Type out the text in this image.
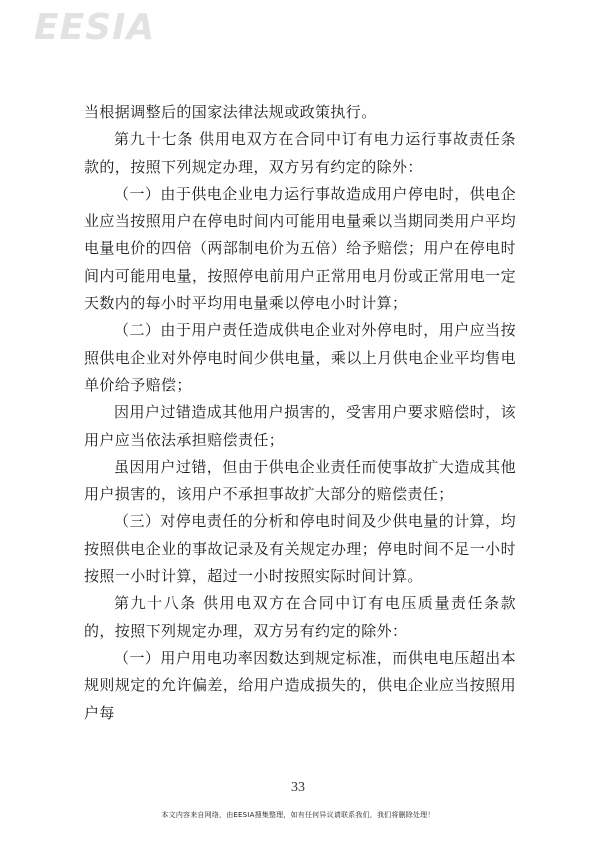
EESIA

当根据调整后的国家法律法规或政策执行。

第九十七条 供用电双方在合同中订有电力运行事故责任条款的，按照下列规定办理，双方另有约定的除外：

（一）由于供电企业电力运行事故造成用户停电时，供电企业应当按照用户在停电时间内可能用电量乘以当期同类用户平均电量电价的四倍（两部制电价为五倍）给予赔偿；用户在停电时间内可能用电量，按照停电前用户正常用电月份或正常用电一定天数内的每小时平均用电量乘以停电小时计算；

（二）由于用户责任造成供电企业对外停电时，用户应当按照供电企业对外停电时间少供电量，乘以上月供电企业平均售电单价给予赔偿；

因用户过错造成其他用户损害的，受害用户要求赔偿时，该用户应当依法承担赔偿责任；

虽因用户过错，但由于供电企业责任而使事故扩大造成其他用户损害的，该用户不承担事故扩大部分的赔偿责任；

（三）对停电责任的分析和停电时间及少供电量的计算，均按照供电企业的事故记录及有关规定办理；停电时间不足一小时按照一小时计算，超过一小时按照实际时间计算。

第九十八条 供用电双方在合同中订有电压质量责任条款的，按照下列规定办理，双方另有约定的除外：

（一）用户用电功率因数达到规定标准，而供电电压超出本规则规定的允许偏差，给用户造成损失的，供电企业应当按照用户每

33

本文内容来自网络，由EESIA搜集整理，如有任何异议请联系我们，我们将删除处理！
